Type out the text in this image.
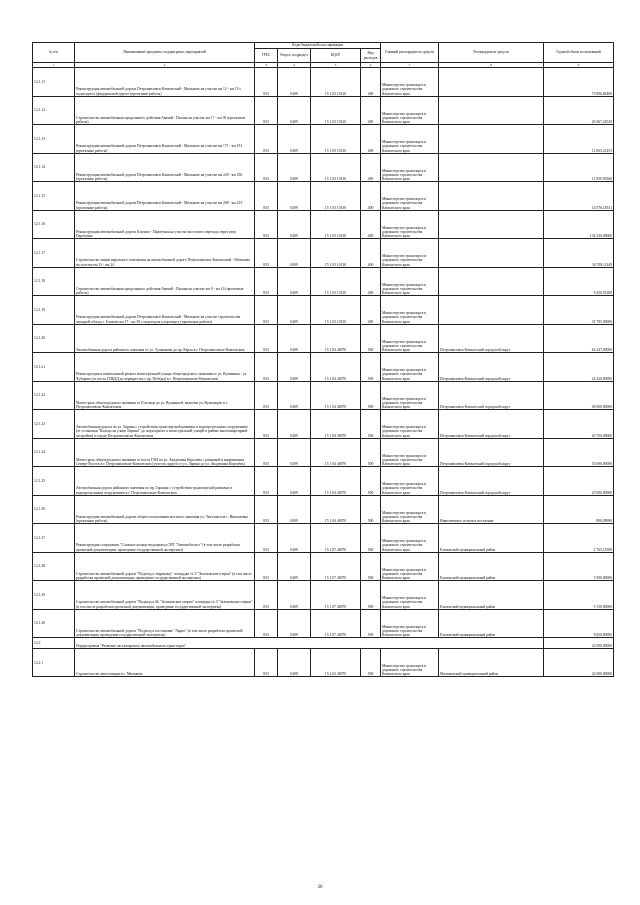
№ п/п	Наименование программ, подпрограмм, мероприятий	Коды бюджетной классификации				Главный распорядитель средств	Распорядитель средств	Годовой объем ассигнований
		ГРБС	Раздел, подраздел	КЦСР	Вид расходов			
1	2	3	4	5	6	7	8	9
12.1.13	Реконструкция автомобильной дороги Петропавловск-Камчатский - Мильково на участке км 12 - км 19 с подъездом к (федеральной дороге (проектные работы)	833	0409	15 1 03 10120	400	Министерство транспорта и дорожного строительства Камчатского края		73 896,82400
12.1.12	Строительство автомобильная продолжного действия Авачий - Палана на участке км 17 - км 30 (проектные работы)	833	0409	15 1 03 10120	400	Министерство транспорта и дорожного строительства Камчатского края		20 467,24520
12.1.13	Реконструкция автомобильной дороги Петропавловск-Камчатский - Мильково на участке км 171 - км 181 (проектные работы)	833	0409	15 1 03 10130	400	Министерство транспорта и дорожного строительства Камчатского края		12 065,21453
12.1.14	Реконструкция автомобильной дороги Петропавловск-Камчатский - Мильково на участке км 220 - км 236 (проектные работы)	833	0409	15 1 03 10130	400	Министерство транспорта и дорожного строительства Камчатского края		11 859,93360
12.1.15	Реконструкция автомобильной дороги Петропавловск-Камчатский - Мильково на участке км 208 - км 215 (проектные работы)	833	0409	15 1 03 10130	400	Министерство транспорта и дорожного строительства Камчатского края		14 076,18531
12.1.16	Реконструкция автомобильной дороги Елизово - Паратунка на участке мостового перехода через реку Паратунка	833	0409	15 1 03 10130	400	Министерство транспорта и дорожного строительства Камчатского края		134 330,00000
12.1.17	Строительство линии наружного освещения на автомобильной дороге Петропавловск-Камчатский - Мильково на участке км 12 - км 24	833	0409	15 1 03 10130	400	Министерство транспорта и дорожного строительства Камчатского края		34 708,11249
12.1.18	Строительство автомобильная продолжного действия Авачий - Палана на участке км 0 - км 16 (проектные работы)	833	0409	15 1 03 10130	400	Министерство транспорта и дорожного строительства Камчатского края		9 456,91200
12.1.19	Реконструкция автомобильной дороги Петропавловск-Камчатский - Мильково на участке строительства западной обхода г. Елизово км 37 - км 30 с подъездом к аэропорту (проектные работы)	833	0409	15 1 03 10130	400	Министерство транспорта и дорожного строительства Камчатского края		31 785,00000
12.1.20	Автомобильная дорога районного значения от ул. Тушканова до пр. Карла в г. Петропавловске-Камчатском	833	0409	15 1 04 40070	500	Министерство транспорта и дорожного строительства Камчатского края	Петропавловск-Камчатский городской округ	64 247,00000
12.1.21	Реконструкция и капитальный ремонт магистральной улицы общегородского значения от ул. Вулканная - ул. Чубарова (от поста ГИБДД до перекрестка с пр. Победы) в г. Петропавловске-Камчатском	833	0409	15 1 04 40070	500	Министерство транспорта и дорожного строительства Камчатского края	Петропавловск-Камчатский городской округ	42 420,00000
12.1.22	Магистраль общегородского значения от II кольца до ул. Вулканной, включая ул. Вулканную в г. Петропавловске-Камчатском	833	0409	15 1 04 40070	500	Министерство транспорта и дорожного строительства Камчатского края	Петропавловск-Камчатский городской округ	49 000,00000
12.1.23	Автомобильная дорога по ул. Ларина с устройством транспортной развязки и водопропускным сооружением (от остановки "Кольцо на улице Ларина" до подъездного к магистральной улицей в районе многоквартирной застройки) в городе Петропавловске-Камчатском	833	0409	15 1 04 40070	500	Министерство транспорта и дорожного строительства Камчатского края	Петропавловск-Камчатский городской округ	20 700,00000
12.1.24	Магистраль общегородского значения от поста ГАИ по ул. Академика Королёва с развязкой в направлении Северо-Восток в г. Петропавловске-Камчатском (участок дороги от ул. Ларина до ул. Академика Королёва)	833	0409	15 1 04 40070	500	Министерство транспорта и дорожного строительства Камчатского края	Петропавловск-Камчатский городской округ	55 000,00000
12.1.25	Автомобильная дорога районного значения по пр. Таранца с устройством транспортной развязки и водопропускным сооружением в г. Петропавловске-Камчатском	833	0409	15 1 04 40070	500	Министерство транспорта и дорожного строительства Камчатского края	Петропавловск-Камчатский городской округ	25 000,00000
12.1.26	Реконструкция автомобильной дороги общего пользования местного значения ул. Энтузиастов с. Николаевка (проектные работы)	833	0409	15 1 04 40070	500	Министерство транспорта и дорожного строительства Камчатского края	Николаевское сельское поселение	800,49990
12.1.27	Реконструкция сооружения "Сложное кольцо-водопровод СНТ "Автомобилист" (в том числе разработка проектной документации, проведение государственной экспертизы)	833	0409	15 1 07 40070	500	Министерство транспорта и дорожного строительства Камчатского края	Елизовский муниципальный район	2 765,15500
12.1.28	Строительство автомобильной дороги "Подъезд к террикону" площадка № 3 "Зеленовские озерки" (в том числе разработка проектной документации, проведение государственной экспертизы)	833	0409	15 1 07 40070	500	Министерство транспорта и дорожного строительства Камчатского края	Елизовский муниципальный район	5 500,00000
12.1.29	Строительство автомобильной дороги "Подъезд к 6Ь "Зеленовские озерки" площадка № 3 "Зеленовские озерки" (в том числе разработка проектной документации, проведение государственной экспертизы)	833	0409	15 1 07 40070	500	Министерство транспорта и дорожного строительства Камчатского края	Елизовский муниципальный район	9 150,00000
12.1.30	Строительство автомобильной дороги "Подъезд к постановке "Ларио" (в том числе разработка проектной документации, проведение государственной экспертизы)	833	0409	15 1 07 40070	500	Министерство транспорта и дорожного строительства Камчатского края	Елизовский муниципальный район	8 650,00000
12.2	Подпрограмма "Развитие пассажирского автомобильного транспорта"							22 000,00000
12.2.1	Строительство автостанции в с. Мильково	833	0408	15 2 02 40070	500	Министерство транспорта и дорожного строительства Камчатского края	Мильковский муниципальный район	22 000,00000
36
